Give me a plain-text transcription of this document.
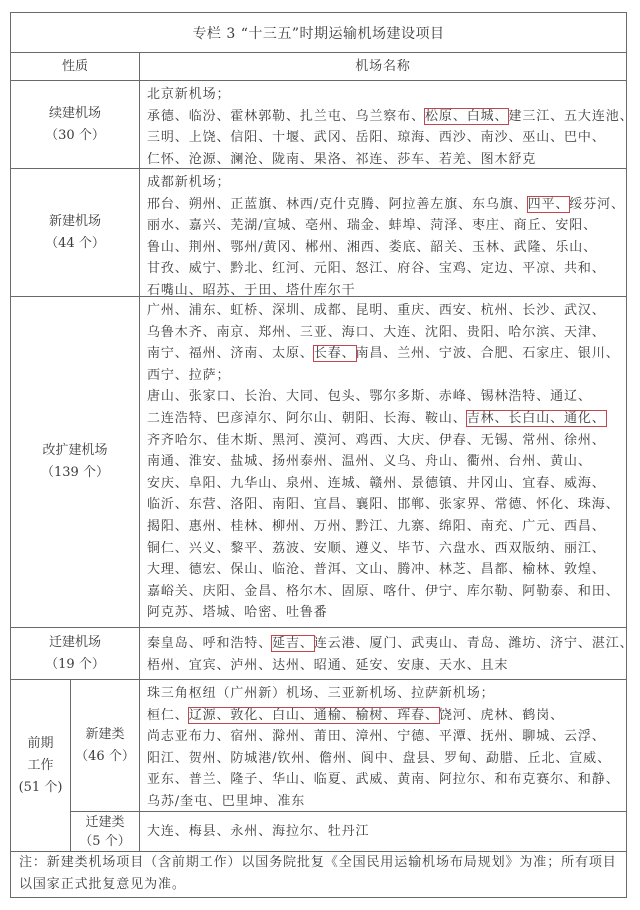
专栏 3 “十三五”时期运输机场建设项目
性质	机场名称
续建机场
（30 个）
北京新机场；
承德、临汾、霍林郭勒、扎兰屯、乌兰察布、松原、白城、建三江、五大连池、
三明、上饶、信阳、十堰、武冈、岳阳、琼海、西沙、南沙、巫山、巴中、
仁怀、沧源、澜沧、陇南、果洛、祁连、莎车、若羌、图木舒克
新建机场
（44 个）
成都新机场；
邢台、朔州、正蓝旗、林西/克什克腾、阿拉善左旗、东乌旗、四平、绥芬河、
丽水、嘉兴、芜湖/宣城、亳州、瑞金、蚌埠、菏泽、枣庄、商丘、安阳、
鲁山、荆州、鄂州/黄冈、郴州、湘西、娄底、韶关、玉林、武隆、乐山、
甘孜、威宁、黔北、红河、元阳、怒江、府谷、宝鸡、定边、平凉、共和、
石嘴山、昭苏、于田、塔什库尔干
改扩建机场
（139 个）
广州、浦东、虹桥、深圳、成都、昆明、重庆、西安、杭州、长沙、武汉、
乌鲁木齐、南京、郑州、三亚、海口、大连、沈阳、贵阳、哈尔滨、天津、
南宁、福州、济南、太原、长春、南昌、兰州、宁波、合肥、石家庄、银川、
西宁、拉萨；
唐山、张家口、长治、大同、包头、鄂尔多斯、赤峰、锡林浩特、通辽、
二连浩特、巴彦淖尔、阿尔山、朝阳、长海、鞍山、吉林、长白山、通化、
齐齐哈尔、佳木斯、黑河、漠河、鸡西、大庆、伊春、无锡、常州、徐州、
南通、淮安、盐城、扬州泰州、温州、义乌、舟山、衢州、台州、黄山、
安庆、阜阳、九华山、泉州、连城、赣州、景德镇、井冈山、宜春、威海、
临沂、东营、洛阳、南阳、宜昌、襄阳、邯郸、张家界、常德、怀化、珠海、
揭阳、惠州、桂林、柳州、万州、黔江、九寨、绵阳、南充、广元、西昌、
铜仁、兴义、黎平、荔波、安顺、遵义、毕节、六盘水、西双版纳、丽江、
大理、德宏、保山、临沧、普洱、文山、腾冲、林芝、昌都、榆林、敦煌、
嘉峪关、庆阳、金昌、格尔木、固原、喀什、伊宁、库尔勒、阿勒泰、和田、
阿克苏、塔城、哈密、吐鲁番
迁建机场
（19 个）
秦皇岛、呼和浩特、延吉、连云港、厦门、武夷山、青岛、潍坊、济宁、湛江、
梧州、宜宾、泸州、达州、昭通、延安、安康、天水、且末
前期
工作
(51 个)
新建类
（46 个）
珠三角枢纽（广州新）机场、三亚新机场、拉萨新机场；
桓仁、辽源、敦化、白山、通榆、榆树、珲春、饶河、虎林、鹤岗、
尚志亚布力、宿州、滁州、莆田、漳州、宁德、平潭、抚州、聊城、云浮、
阳江、贺州、防城港/钦州、儋州、阆中、盘县、罗甸、勐腊、丘北、宣威、
亚东、普兰、隆子、华山、临夏、武威、黄南、阿拉尔、和布克赛尔、和静、
乌苏/奎屯、巴里坤、准东
迁建类
（5 个）
大连、梅县、永州、海拉尔、牡丹江
注：新建类机场项目（含前期工作）以国务院批复《全国民用运输机场布局规划》为准；所有项目
以国家正式批复意见为准。
